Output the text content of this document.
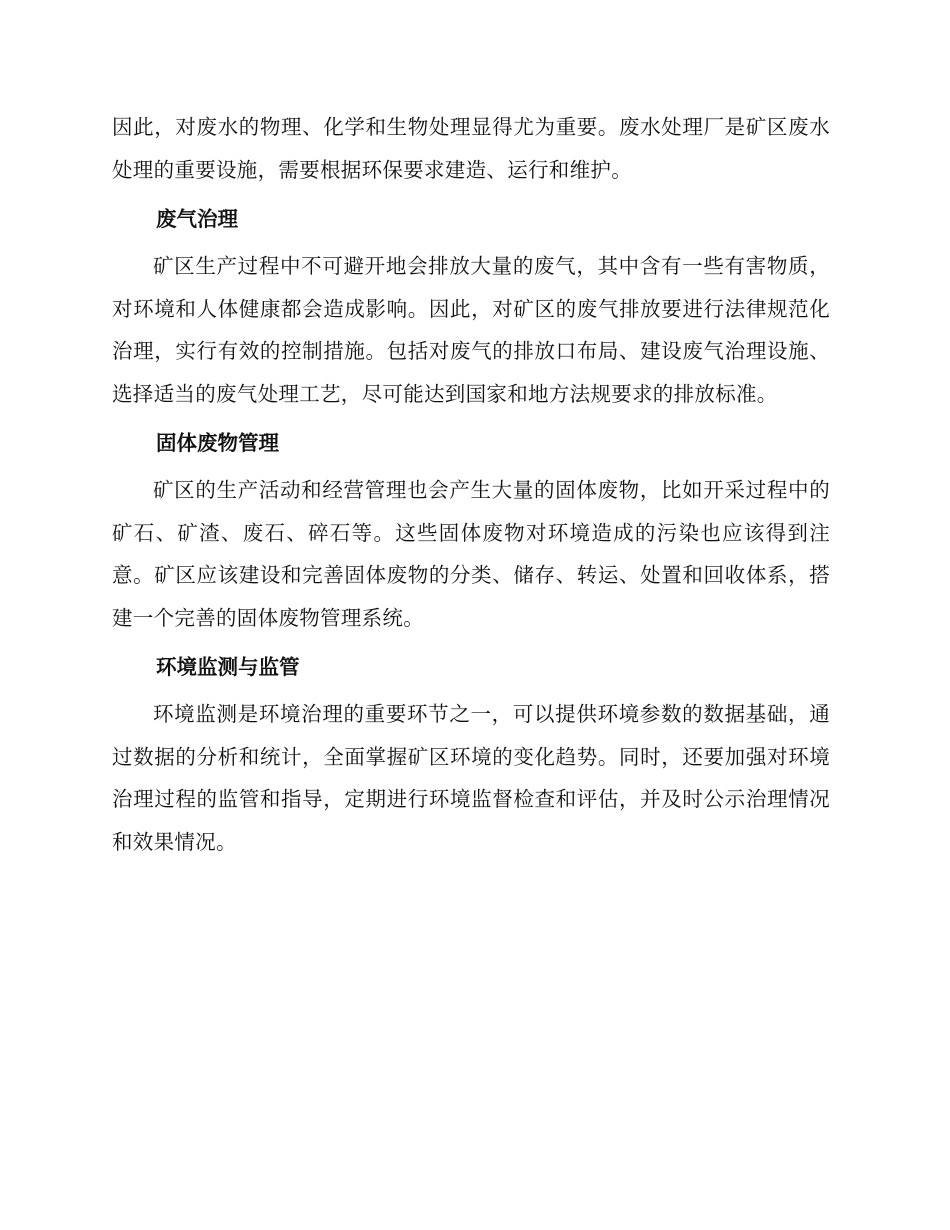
因此，对废水的物理、化学和生物处理显得尤为重要。废水处理厂是矿区废水处理的重要设施，需要根据环保要求建造、运行和维护。

废气治理

矿区生产过程中不可避开地会排放大量的废气，其中含有一些有害物质，对环境和人体健康都会造成影响。因此，对矿区的废气排放要进行法律规范化治理，实行有效的控制措施。包括对废气的排放口布局、建设废气治理设施、选择适当的废气处理工艺，尽可能达到国家和地方法规要求的排放标准。

固体废物管理

矿区的生产活动和经营管理也会产生大量的固体废物，比如开采过程中的矿石、矿渣、废石、碎石等。这些固体废物对环境造成的污染也应该得到注意。矿区应该建设和完善固体废物的分类、储存、转运、处置和回收体系，搭建一个完善的固体废物管理系统。

环境监测与监管

环境监测是环境治理的重要环节之一，可以提供环境参数的数据基础，通过数据的分析和统计，全面掌握矿区环境的变化趋势。同时，还要加强对环境治理过程的监管和指导，定期进行环境监督检查和评估，并及时公示治理情况和效果情况。
